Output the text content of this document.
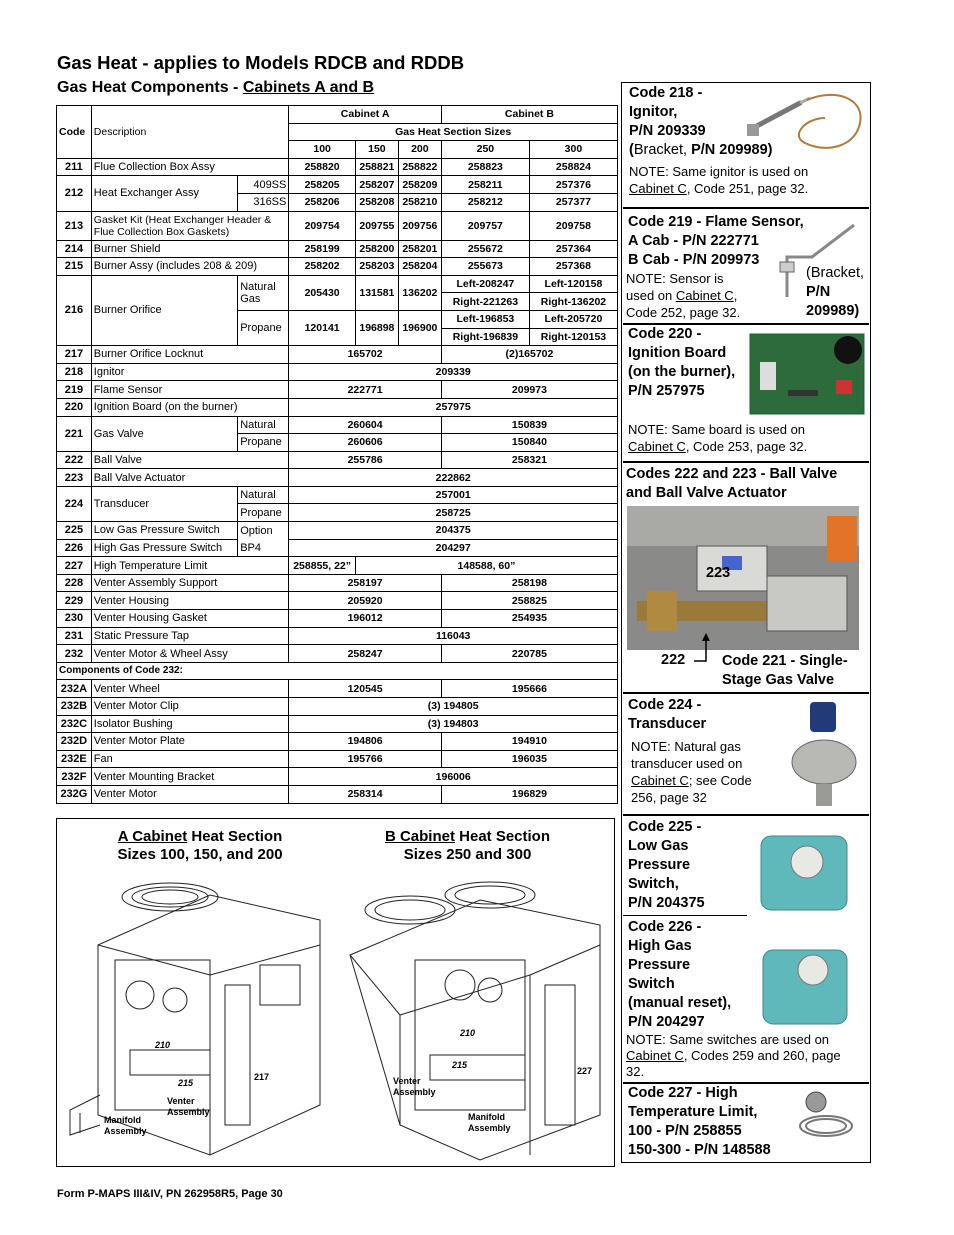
Gas Heat - applies to Models RDCB and RDDB
Gas Heat Components - Cabinets A and B
Code	Description		Cabinet A			Cabinet B	
			Gas Heat Section Sizes				
			100	150	200	250	300
211	Flue Collection Box Assy		258820	258821	258822	258823	258824
212	Heat Exchanger Assy	409SS	258205	258207	258209	258211	257376
		316SS	258206	258208	258210	258212	257377
213	Gasket Kit (Heat Exchanger Header & Flue Collection Box Gaskets)		209754	209755	209756	209757	209758
214	Burner Shield		258199	258200	258201	255672	257364
215	Burner Assy (includes 208 & 209)		258202	258203	258204	255673	257368
216	Burner Orifice	Natural Gas	205430	131581	136202	Left-208247	Left-120158
						Right-221263	Right-136202
		Propane	120141	196898	196900	Left-196853	Left-205720
						Right-196839	Right-120153
217	Burner Orifice Locknut		165702			(2)165702	
218	Ignitor		209339				
219	Flame Sensor		222771			209973	
220	Ignition Board (on the burner)		257975				
221	Gas Valve	Natural	260604			150839	
		Propane	260606			150840	
222	Ball Valve		255786			258321	
223	Ball Valve Actuator		222862				
224	Transducer	Natural	257001				
		Propane	258725				
225	Low Gas Pressure Switch	Option	204375				
226	High Gas Pressure Switch	BP4	204297				
227	High Temperature Limit		258855, 22”	148588, 60”			
228	Venter Assembly Support		258197			258198	
229	Venter Housing		205920			258825	
230	Venter Housing Gasket		196012			254935	
231	Static Pressure Tap		116043				
232	Venter Motor & Wheel Assy		258247			220785	
Components of Code 232:							
232A	Venter Wheel		120545			195666	
232B	Venter Motor Clip		(3) 194805				
232C	Isolator Bushing		(3) 194803				
232D	Venter Motor Plate		194806			194910	
232E	Fan		195766			196035	
232F	Venter Mounting Bracket		196006				
232G	Venter Motor		258314			196829	
A Cabinet Heat Section
Sizes 100, 150, and 200
B Cabinet Heat Section
Sizes 250 and 300
210
215
217
Venter Assembly
Manifold Assembly
210
215
227
Venter Assembly
Manifold Assembly
Code 218 -
Ignitor,
P/N 209339
(Bracket, P/N 209989)
NOTE: Same ignitor is used on
Cabinet C, Code 251, page 32.
Code 219 - Flame Sensor,
A Cab - P/N 222771
B Cab - P/N 209973
NOTE: Sensor is
used on Cabinet C,
Code 252, page 32.
(Bracket,
P/N
209989)
Code 220 -
Ignition Board
(on the burner),
P/N 257975
NOTE: Same board is used on
Cabinet C, Code 253, page 32.
Codes 222 and 223 - Ball Valve
and Ball Valve Actuator
223
222	Code 221 - Single-
Stage Gas Valve
Code 224 -
Transducer
NOTE: Natural gas
transducer used on
Cabinet C; see Code
256, page 32
Code 225 -
Low Gas
Pressure
Switch,
P/N 204375
Code 226 -
High Gas
Pressure
Switch
(manual reset),
P/N 204297
NOTE: Same switches are used on
Cabinet C, Codes 259 and 260, page
32.
Code 227 - High
Temperature Limit,
100 - P/N 258855
150-300 - P/N 148588
Form P-MAPS III&IV, PN 262958R5, Page 30
